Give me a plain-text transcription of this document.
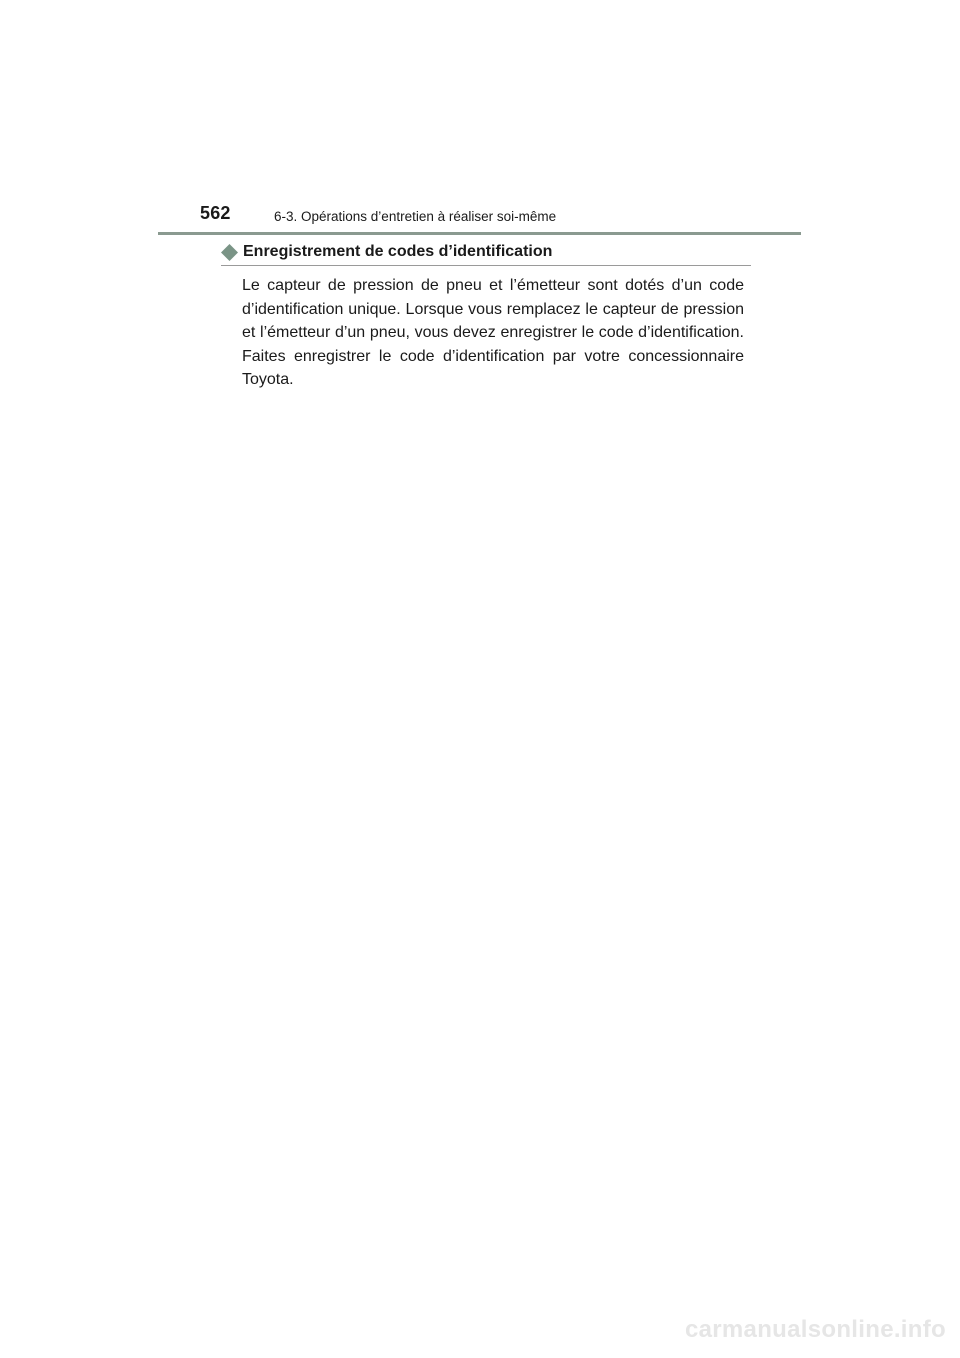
562	6-3. Opérations d’entretien à réaliser soi-même
Enregistrement de codes d’identification

Le capteur de pression de pneu et l’émetteur sont dotés d’un code d’identification unique. Lorsque vous remplacez le capteur de pression et l’émetteur d’un pneu, vous devez enregistrer le code d’identification. Faites enregistrer le code d’identification par votre concessionnaire Toyota.

carmanualsonline.info
